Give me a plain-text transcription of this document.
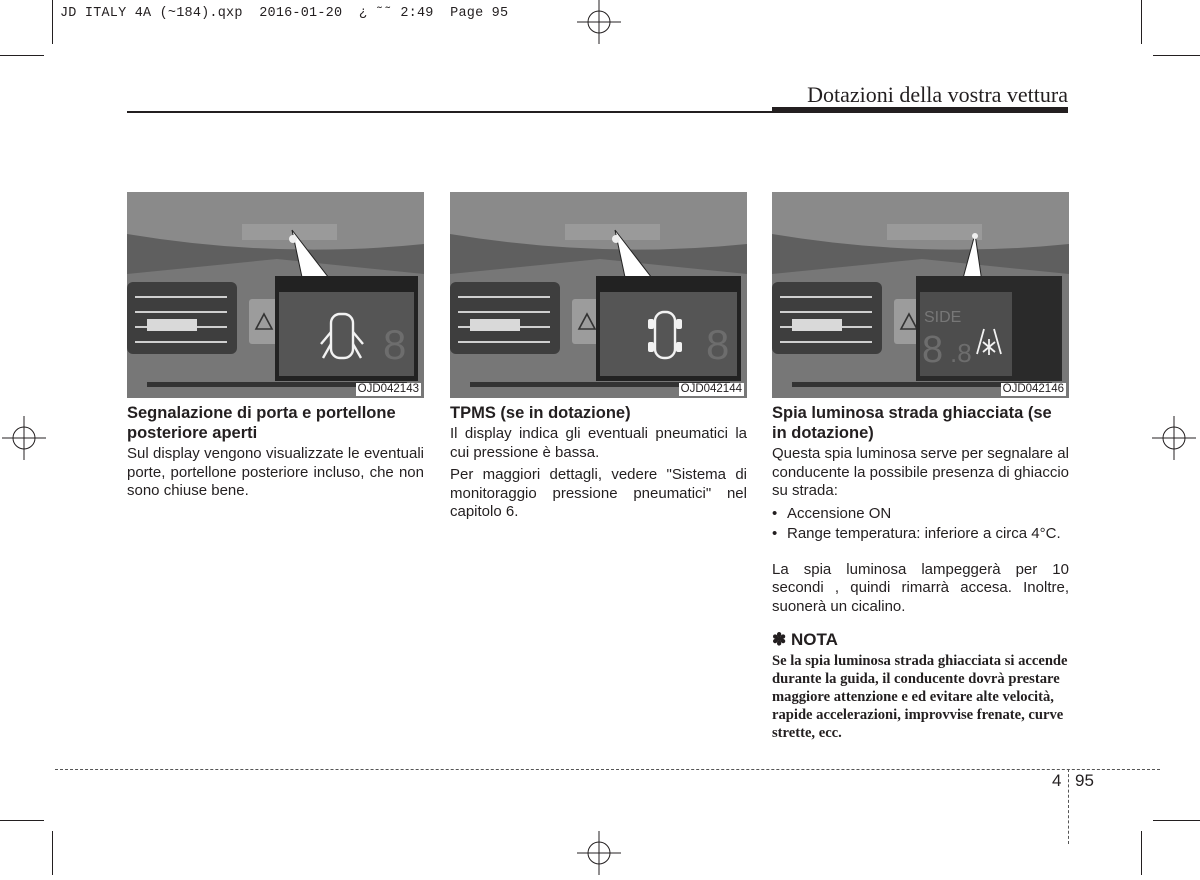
JD ITALY 4A (~184).qxp  2016-01-20  ¿ ˜˜ 2:49  Page 95
Dotazioni della vostra vettura
8
OJD042143
Segnalazione di porta e portellone posteriore aperti

Sul display vengono visualizzate le eventuali porte, portellone posteriore incluso, che non sono chiuse bene.

8
OJD042144
TPMS (se in dotazione)

Il display indica gli eventuali pneumatici la cui pressione è bassa.

Per maggiori dettagli, vedere "Sistema di monitoraggio pressione pneumatici" nel capitolo 6.

SIDE
8 .8
OJD042146
Spia luminosa strada ghiacciata (se in dotazione)

Questa spia luminosa serve per segnalare al conducente la possibile presenza di ghiaccio su strada:

• Accensione ON
• Range temperatura: inferiore a circa 4°C.

La spia luminosa lampeggerà per 10 secondi , quindi rimarrà accesa. Inoltre, suonerà un cicalino.

✽ NOTA

Se la spia luminosa strada ghiacciata si accende durante la guida, il conducente dovrà prestare maggiore attenzione e ed evitare alte velocità, rapide accelerazioni, improvvise frenate, curve strette, ecc.

4 95
